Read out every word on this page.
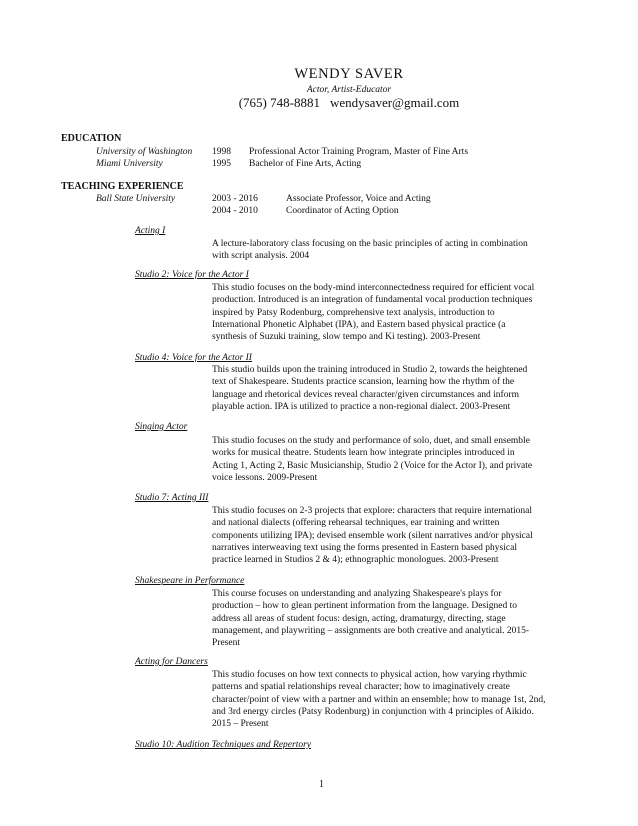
WENDY SAVER
Actor, Artist-Educator
(765) 748-8881 wendysaver@gmail.com
EDUCATION
University of Washington 1998 Professional Actor Training Program, Master of Fine Arts
Miami University	1995 Bachelor of Fine Arts, Acting
TEACHING EXPERIENCE
Ball State University	2003 - 2016	Associate Professor, Voice and Acting
2004 - 2010	Coordinator of Acting Option
Acting I

A lecture-laboratory class focusing on the basic principles of acting in combination

with script analysis. 2004

Studio 2: Voice for the Actor I

This studio focuses on the body-mind interconnectedness required for efficient vocal

production. Introduced is an integration of fundamental vocal production techniques

inspired by Patsy Rodenburg, comprehensive text analysis, introduction to

International Phonetic Alphabet (IPA), and Eastern based physical practice (a

synthesis of Suzuki training, slow tempo and Ki testing). 2003-Present

Studio 4: Voice for the Actor II

This studio builds upon the training introduced in Studio 2, towards the heightened

text of Shakespeare. Students practice scansion, learning how the rhythm of the

language and rhetorical devices reveal character/given circumstances and inform

playable action. IPA is utilized to practice a non-regional dialect. 2003-Present

Singing Actor

This studio focuses on the study and performance of solo, duet, and small ensemble

works for musical theatre. Students learn how integrate principles introduced in

Acting 1, Acting 2, Basic Musicianship, Studio 2 (Voice for the Actor I), and private

voice lessons. 2009-Present

Studio 7: Acting III

This studio focuses on 2-3 projects that explore: characters that require international

and national dialects (offering rehearsal techniques, ear training and written

components utilizing IPA); devised ensemble work (silent narratives and/or physical

narratives interweaving text using the forms presented in Eastern based physical

practice learned in Studios 2 & 4); ethnographic monologues. 2003-Present

Shakespeare in Performance

This course focuses on understanding and analyzing Shakespeare's plays for

production – how to glean pertinent information from the language. Designed to

address all areas of student focus: design, acting, dramaturgy, directing, stage

management, and playwriting – assignments are both creative and analytical. 2015-

Present

Acting for Dancers

This studio focuses on how text connects to physical action, how varying rhythmic

patterns and spatial relationships reveal character; how to imaginatively create

character/point of view with a partner and within an ensemble; how to manage 1st, 2nd,

and 3rd energy circles (Patsy Rodenburg) in conjunction with 4 principles of Aikido.

2015 – Present

Studio 10: Audition Techniques and Repertory
1
